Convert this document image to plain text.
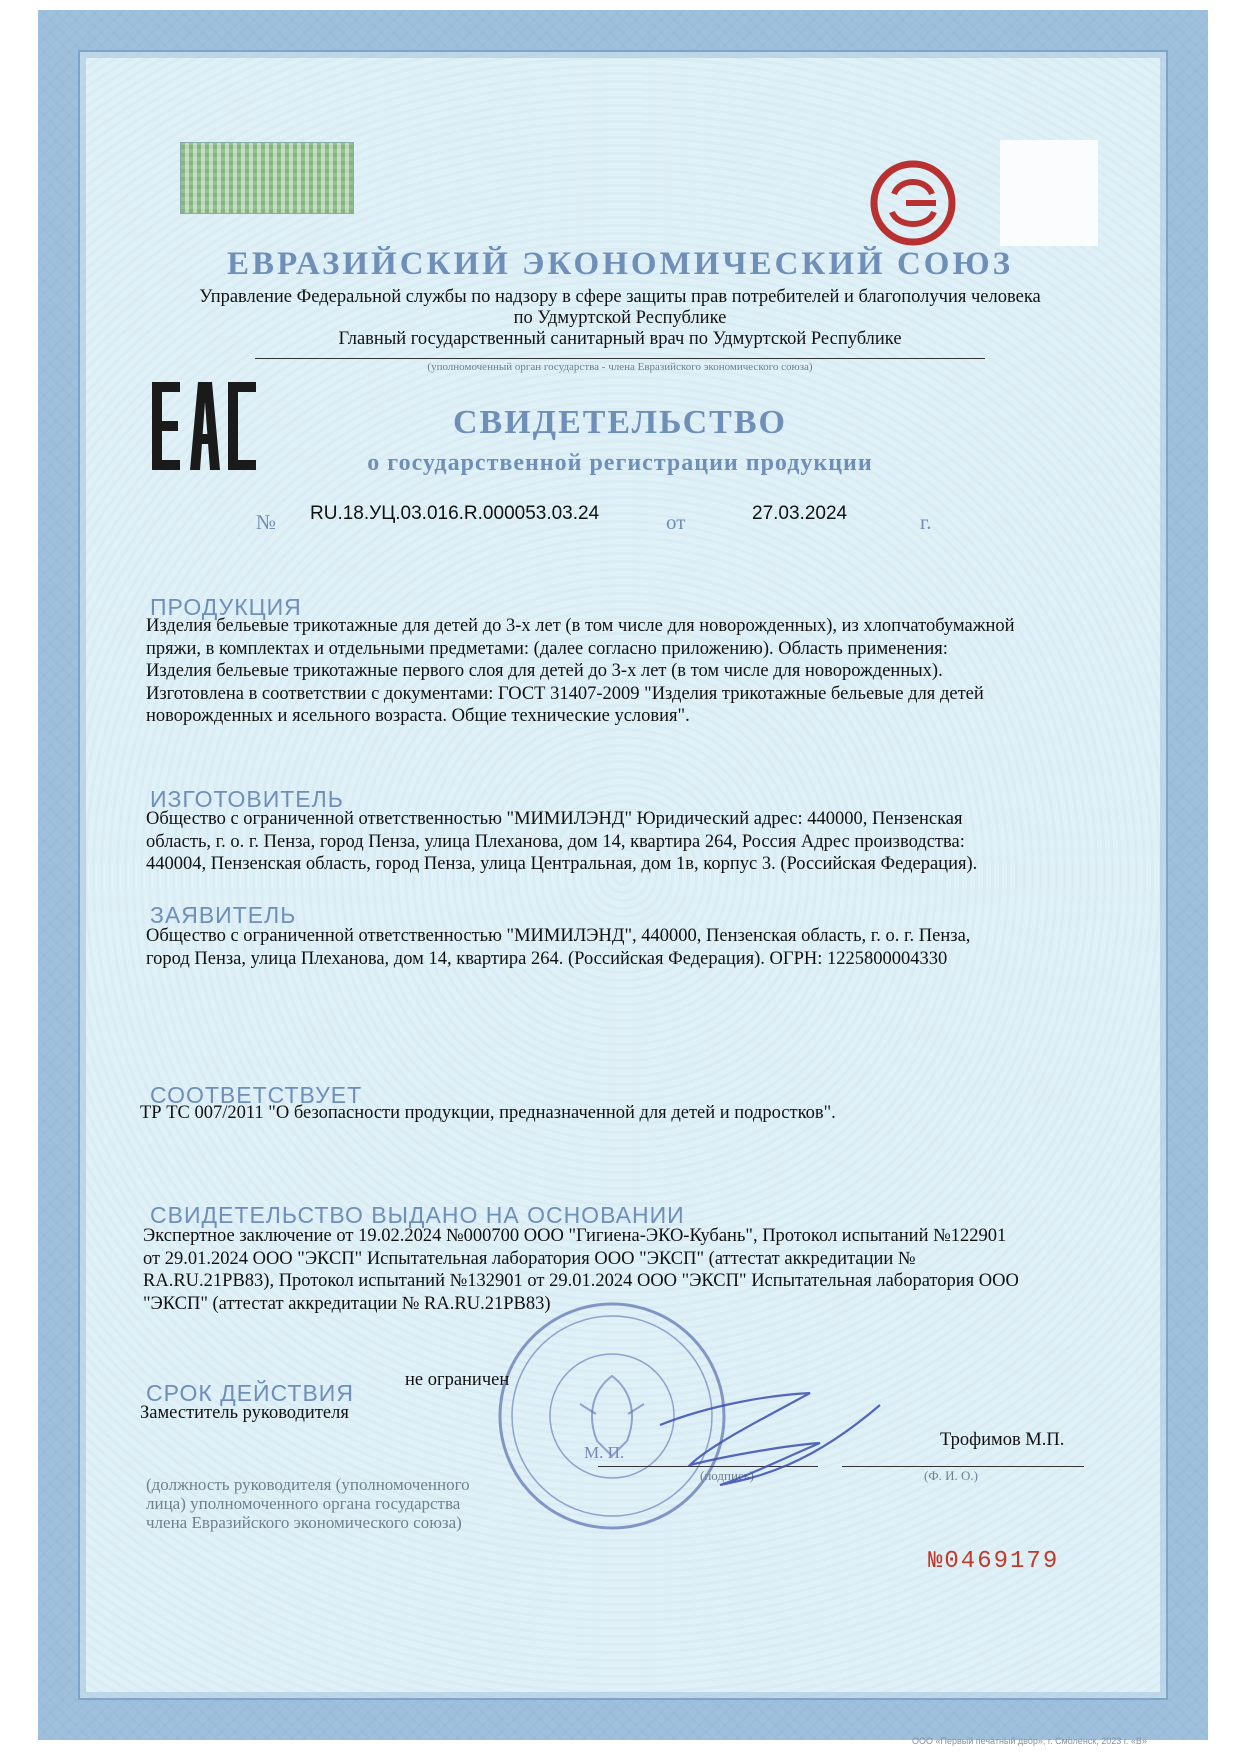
ЕВРАЗИЙСКИЙ ЭКОНОМИЧЕСКИЙ СОЮЗ
Управление Федеральной службы по надзору в сфере защиты прав потребителей и благополучия человека
по Удмуртской Республике
Главный государственный санитарный врач по Удмуртской Республике
(уполномоченный орган государства - члена Евразийского экономического союза)
СВИДЕТЕЛЬСТВО
о государственной регистрации продукции
№ RU.18.УЦ.03.016.R.000053.03.24	от	27.03.2024	г.
ПРОДУКЦИЯ
Изделия бельевые трикотажные для детей до 3-х лет (в том числе для новорожденных), из хлопчатобумажной
пряжи, в комплектах и отдельными предметами: (далее согласно приложению). Область применения:
Изделия бельевые трикотажные первого слоя для детей до 3-х лет (в том числе для новорожденных).
Изготовлена в соответствии с документами: ГОСТ 31407-2009 "Изделия трикотажные бельевые для детей
новорожденных и ясельного возраста. Общие технические условия".
ИЗГОТОВИТЕЛЬ
Общество с ограниченной ответственностью "МИМИЛЭНД" Юридический адрес: 440000, Пензенская
область, г. о. г. Пенза, город Пенза, улица Плеханова, дом 14, квартира 264, Россия Адрес производства:
440004, Пензенская область, город Пенза, улица Центральная, дом 1в, корпус 3. (Российская Федерация).
ЗАЯВИТЕЛЬ
Общество с ограниченной ответственностью "МИМИЛЭНД", 440000, Пензенская область, г. о. г. Пенза,
город Пенза, улица Плеханова, дом 14, квартира 264. (Российская Федерация). ОГРН: 1225800004330
СООТВЕТСТВУЕТ
ТР ТС 007/2011 "О безопасности продукции, предназначенной для детей и подростков".
СВИДЕТЕЛЬСТВО ВЫДАНО НА ОСНОВАНИИ
Экспертное заключение от 19.02.2024 №000700 ООО "Гигиена-ЭКО-Кубань", Протокол испытаний №122901
от 29.01.2024 ООО "ЭКСП" Испытательная лаборатория ООО "ЭКСП" (аттестат аккредитации №
RA.RU.21PB83), Протокол испытаний №132901 от 29.01.2024 ООО "ЭКСП" Испытательная лаборатория ООО
"ЭКСП" (аттестат аккредитации № RA.RU.21PB83)
М. П.
СРОК ДЕЙСТВИЯ	не ограничен
Заместитель руководителя
Трофимов М.П.
(подпись)	(Ф. И. О.)
(должность руководителя (уполномоченного
лица) уполномоченного органа государства
члена Евразийского экономического союза)
№0469179
ООО «Первый печатный двор», г. Смоленск, 2023 г. «В»
